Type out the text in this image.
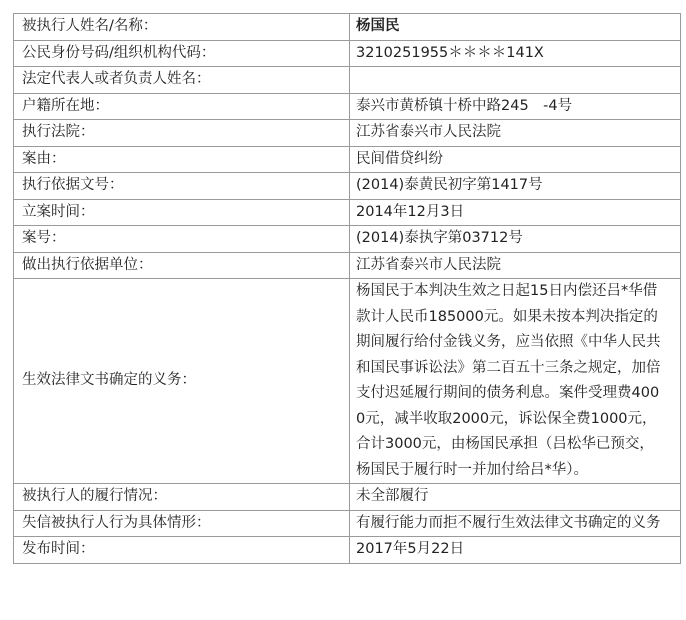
被执行人姓名/名称：	杨国民
公民身份号码/组织机构代码：	3210251955＊＊＊＊141X
法定代表人或者负责人姓名：	
户籍所在地：	泰兴市黄桥镇十桥中路245　-4号
执行法院：	江苏省泰兴市人民法院
案由：	民间借贷纠纷
执行依据文号：	(2014)泰黄民初字第1417号
立案时间：	2014年12月3日
案号：	(2014)泰执字第03712号
做出执行依据单位：	江苏省泰兴市人民法院
生效法律文书确定的义务：	杨国民于本判决生效之日起15日内偿还吕*华借款计人民币185000元。如果未按本判决指定的期间履行给付金钱义务，应当依照《中华人民共和国民事诉讼法》第二百五十三条之规定，加倍支付迟延履行期间的债务利息。案件受理费4000元，减半收取2000元，诉讼保全费1000元，合计3000元，由杨国民承担（吕松华已预交，杨国民于履行时一并加付给吕*华）。
被执行人的履行情况：	未全部履行
失信被执行人行为具体情形：	有履行能力而拒不履行生效法律文书确定的义务
发布时间：	2017年5月22日
